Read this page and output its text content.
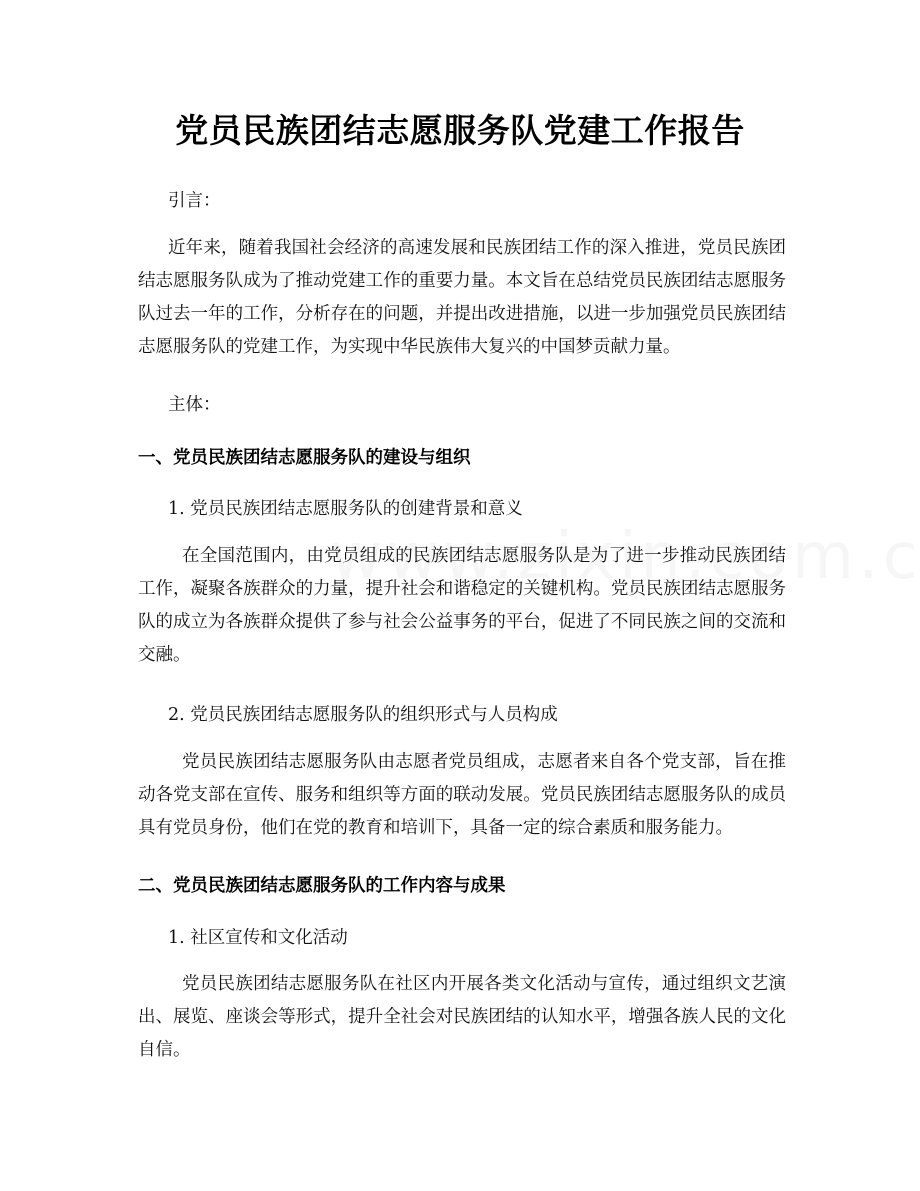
党员民族团结志愿服务队党建工作报告
引言：
近年来，随着我国社会经济的高速发展和民族团结工作的深入推进，党员民族团结志愿服务队成为了推动党建工作的重要力量。本文旨在总结党员民族团结志愿服务队过去一年的工作，分析存在的问题，并提出改进措施，以进一步加强党员民族团结志愿服务队的党建工作，为实现中华民族伟大复兴的中国梦贡献力量。
主体：
一、党员民族团结志愿服务队的建设与组织
1. 党员民族团结志愿服务队的创建背景和意义
在全国范围内，由党员组成的民族团结志愿服务队是为了进一步推动民族团结工作，凝聚各族群众的力量，提升社会和谐稳定的关键机构。党员民族团结志愿服务队的成立为各族群众提供了参与社会公益事务的平台，促进了不同民族之间的交流和交融。
2. 党员民族团结志愿服务队的组织形式与人员构成
党员民族团结志愿服务队由志愿者党员组成，志愿者来自各个党支部，旨在推动各党支部在宣传、服务和组织等方面的联动发展。党员民族团结志愿服务队的成员具有党员身份，他们在党的教育和培训下，具备一定的综合素质和服务能力。
二、党员民族团结志愿服务队的工作内容与成果
1. 社区宣传和文化活动
党员民族团结志愿服务队在社区内开展各类文化活动与宣传，通过组织文艺演出、展览、座谈会等形式，提升全社会对民族团结的认知水平，增强各族人民的文化自信。
